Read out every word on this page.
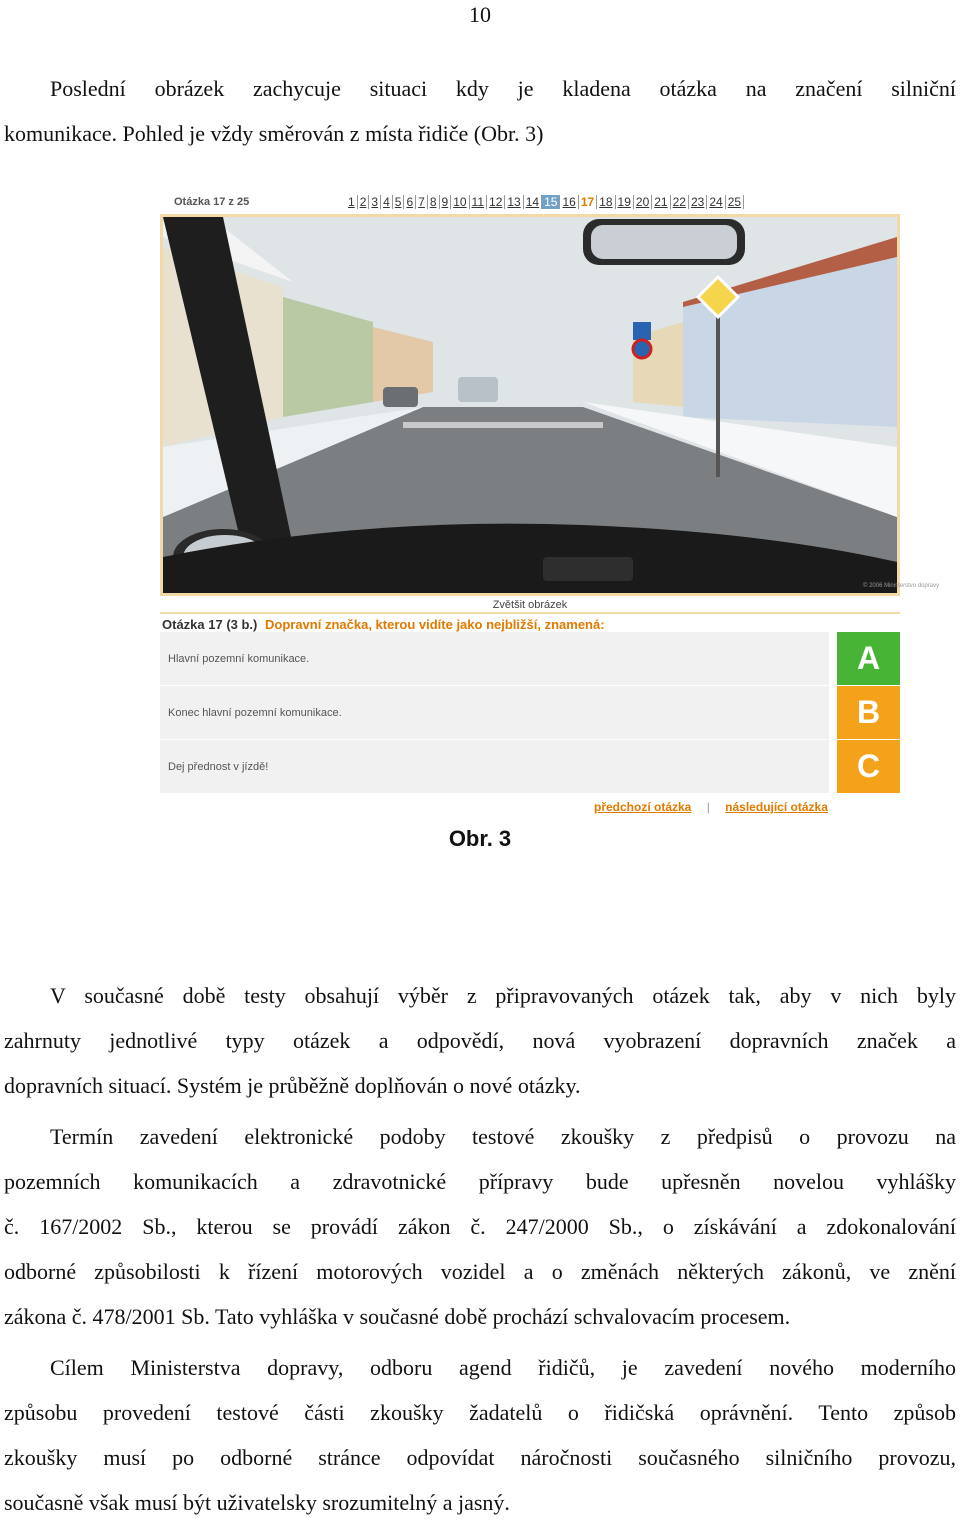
10
Poslední obrázek zachycuje situaci kdy je kladena otázka na značení silniční
komunikace. Pohled je vždy směrován z místa řidiče (Obr. 3)
Otázka 17 z 25	1 2 3 4 5 6 7 8 9 10 11 12 13 14 15 16 17 18 19 20 21 22 23 24 25
© 2006 Ministerstvo dopravy
Zvětšit obrázek
Otázka 17 (3 b.) Dopravní značka, kterou vidíte jako nejbližší, znamená:
Hlavní pozemní komunikace.	A
Konec hlavní pozemní komunikace.	B
Dej přednost v jízdě!	C
předchozí otázka | následující otázka
Obr. 3
V současné době testy obsahují výběr z připravovaných otázek tak, aby v nich byly
zahrnuty jednotlivé typy otázek a odpovědí, nová vyobrazení dopravních značek a
dopravních situací. Systém je průběžně doplňován o nové otázky.
Termín zavedení elektronické podoby testové zkoušky z předpisů o provozu na
pozemních komunikacích a zdravotnické přípravy bude upřesněn novelou vyhlášky
č. 167/2002 Sb., kterou se provádí zákon č. 247/2000 Sb., o získávání a zdokonalování
odborné způsobilosti k řízení motorových vozidel a o změnách některých zákonů, ve znění
zákona č. 478/2001 Sb. Tato vyhláška v současné době prochází schvalovacím procesem.
Cílem Ministerstva dopravy, odboru agend řidičů, je zavedení nového moderního
způsobu provedení testové části zkoušky žadatelů o řidičská oprávnění. Tento způsob
zkoušky musí po odborné stránce odpovídat náročnosti současného silničního provozu,
současně však musí být uživatelsky srozumitelný a jasný.
